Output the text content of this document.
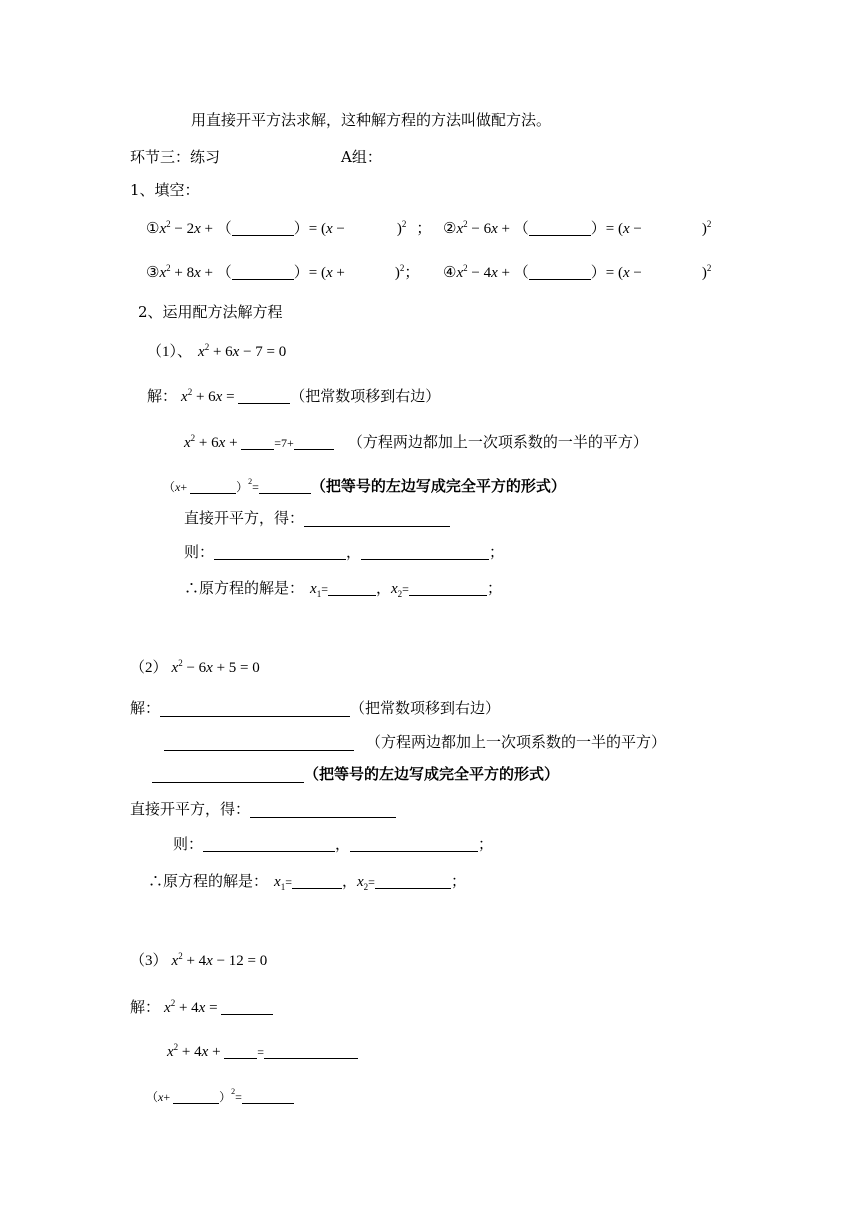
用直接开平方法求解，这种解方程的方法叫做配方法。
环节三：练习	A组：
1、填空：
$①x^2 - 2x$ + （	）= (x −	)$^2$ ； $②x^2 - 6x$ + （	）= (x −	)$^2$
$③x^2 + 8x$ + （	）= (x +	)$^2$； $④x^2 - 4x$ + （	）= (x −	)$^2$
2、运用配方法解方程
（1）、 $x^2 + 6x - 7 = 0$
解： $x^2 + 6x$ =	（把常数项移到右边）
$x^2 + 6x$ +	=7+	（方程两边都加上一次项系数的一半的平方）
（x+	）$^2$=	（把等号的左边写成完全平方的形式）
直接开平方，得：
则：	，	；
∴原方程的解是： $x_1=$	，$x_2=$	；
（2） $x^2 - 6x + 5 = 0$
解：	（把常数项移到右边）
（方程两边都加上一次项系数的一半的平方）
（把等号的左边写成完全平方的形式）
直接开平方，得：
则：	，	；
∴原方程的解是： $x_1=$	，$x_2=$	；
（3） $x^2 + 4x - 12 = 0$
解： $x^2 + 4x$ =
$x^2 + 4x$ +	=
（x+	）$^2$=
